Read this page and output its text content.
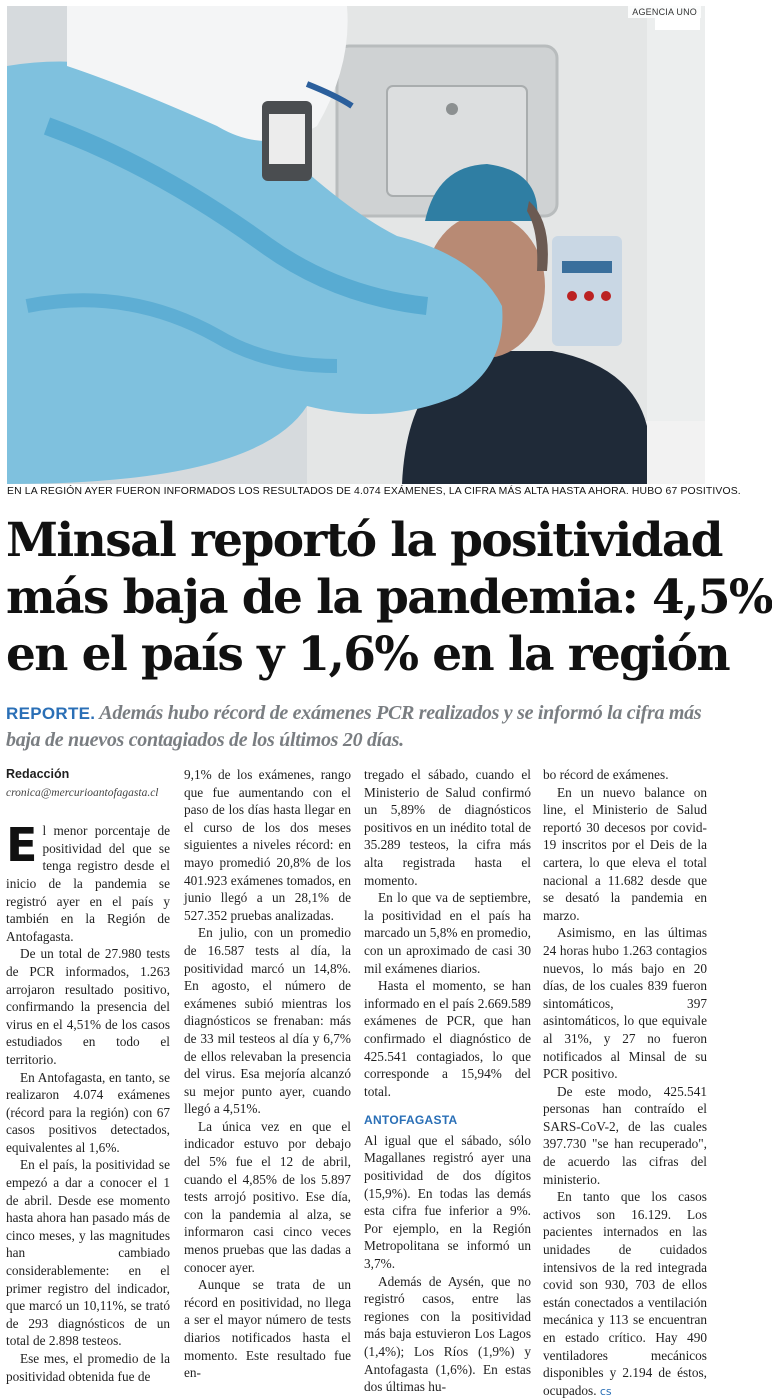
AGENCIA UNO
EN LA REGIÓN AYER FUERON INFORMADOS LOS RESULTADOS DE 4.074 EXÁMENES, LA CIFRA MÁS ALTA HASTA AHORA. HUBO 67 POSITIVOS.
Minsal reportó la positividad
más baja de la pandemia: 4,5%
en el país y 1,6% en la región
REPORTE. Además hubo récord de exámenes PCR realizados y se informó la cifra más baja de nuevos contagiados de los últimos 20 días.
Redacción
cronica@mercurioantofagasta.cl

El menor porcentaje de positividad del que se tenga registro desde el inicio de la pandemia se registró ayer en el país y también en la Región de Antofagasta.

De un total de 27.980 tests de PCR informados, 1.263 arrojaron resultado positivo, confirmando la presencia del virus en el 4,51% de los casos estudiados en todo el territorio.

En Antofagasta, en tanto, se realizaron 4.074 exámenes (récord para la región) con 67 casos positivos detectados, equivalentes al 1,6%.

En el país, la positividad se empezó a dar a conocer el 1 de abril. Desde ese momento hasta ahora han pasado más de cinco meses, y las magnitudes han cambiado considerablemente: en el primer registro del indicador, que marcó un 10,11%, se trató de 293 diagnósticos de un total de 2.898 testeos.

Ese mes, el promedio de la positividad obtenida fue de

9,1% de los exámenes, rango que fue aumentando con el paso de los días hasta llegar en el curso de los dos meses siguientes a niveles récord: en mayo promedió 20,8% de los 401.923 exámenes tomados, en junio llegó a un 28,1% de 527.352 pruebas analizadas.

En julio, con un promedio de 16.587 tests al día, la positividad marcó un 14,8%. En agosto, el número de exámenes subió mientras los diagnósticos se frenaban: más de 33 mil testeos al día y 6,7% de ellos relevaban la presencia del virus. Esa mejoría alcanzó su mejor punto ayer, cuando llegó a 4,51%.

La única vez en que el indicador estuvo por debajo del 5% fue el 12 de abril, cuando el 4,85% de los 5.897 tests arrojó positivo. Ese día, con la pandemia al alza, se informaron casi cinco veces menos pruebas que las dadas a conocer ayer.

Aunque se trata de un récord en positividad, no llega a ser el mayor número de tests diarios notificados hasta el momento. Este resultado fue en-

tregado el sábado, cuando el Ministerio de Salud confirmó un 5,89% de diagnósticos positivos en un inédito total de 35.289 testeos, la cifra más alta registrada hasta el momento.

En lo que va de septiembre, la positividad en el país ha marcado un 5,8% en promedio, con un aproximado de casi 30 mil exámenes diarios.

Hasta el momento, se han informado en el país 2.669.589 exámenes de PCR, que han confirmado el diagnóstico de 425.541 contagiados, lo que corresponde a 15,94% del total.

ANTOFAGASTA

Al igual que el sábado, sólo Magallanes registró ayer una positividad de dos dígitos (15,9%). En todas las demás esta cifra fue inferior a 9%. Por ejemplo, en la Región Metropolitana se informó un 3,7%.

Además de Aysén, que no registró casos, entre las regiones con la positividad más baja estuvieron Los Lagos (1,4%); Los Ríos (1,9%) y Antofagasta (1,6%). En estas dos últimas hu-

bo récord de exámenes.

En un nuevo balance on line, el Ministerio de Salud reportó 30 decesos por covid-19 inscritos por el Deis de la cartera, lo que eleva el total nacional a 11.682 desde que se desató la pandemia en marzo.

Asimismo, en las últimas 24 horas hubo 1.263 contagios nuevos, lo más bajo en 20 días, de los cuales 839 fueron sintomáticos, 397 asintomáticos, lo que equivale al 31%, y 27 no fueron notificados al Minsal de su PCR positivo.

De este modo, 425.541 personas han contraído el SARS-CoV-2, de las cuales 397.730 "se han recuperado", de acuerdo las cifras del ministerio.

En tanto que los casos activos son 16.129. Los pacientes internados en las unidades de cuidados intensivos de la red integrada covid son 930, 703 de ellos están conectados a ventilación mecánica y 113 se encuentran en estado crítico. Hay 490 ventiladores mecánicos disponibles y 2.194 de éstos, ocupados. cs
